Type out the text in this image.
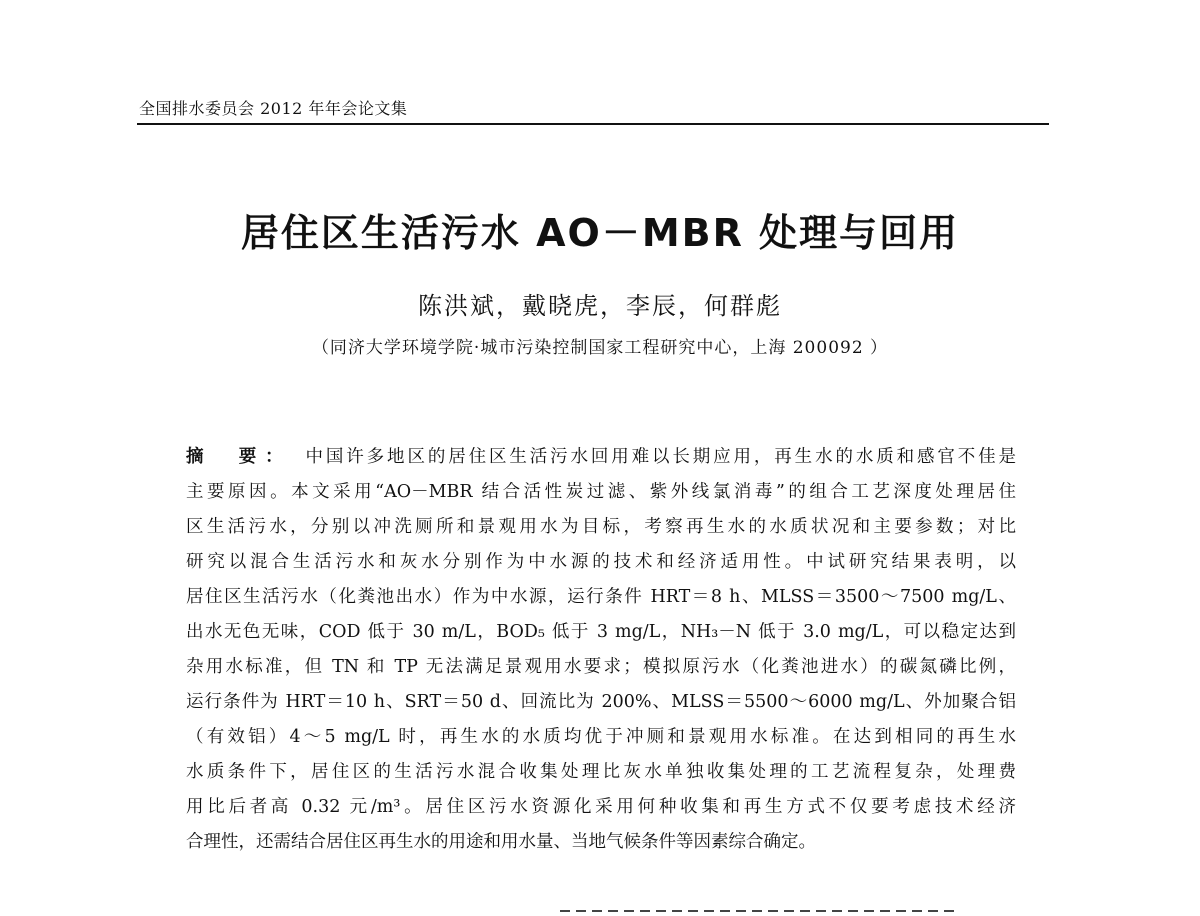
全国排水委员会 2012 年年会论文集
居住区生活污水 AO－MBR 处理与回用
陈洪斌，戴晓虎，李辰，何群彪
（同济大学环境学院·城市污染控制国家工程研究中心，上海 200092 ）
摘　要： 中国许多地区的居住区生活污水回用难以长期应用，再生水的水质和感官不佳是
主要原因。本文采用“AO－MBR 结合活性炭过滤、紫外线氯消毒”的组合工艺深度处理居住
区生活污水，分别以冲洗厕所和景观用水为目标，考察再生水的水质状况和主要参数；对比
研究以混合生活污水和灰水分别作为中水源的技术和经济适用性。中试研究结果表明，以
居住区生活污水（化粪池出水）作为中水源，运行条件 HRT＝8 h、MLSS＝3500～7500 mg/L、
出水无色无味，COD 低于 30 m/L，BOD₅ 低于 3 mg/L，NH₃－N 低于 3.0 mg/L，可以稳定达到
杂用水标准，但 TN 和 TP 无法满足景观用水要求；模拟原污水（化粪池进水）的碳氮磷比例，
运行条件为 HRT＝10 h、SRT＝50 d、回流比为 200%、MLSS＝5500～6000 mg/L、外加聚合铝
（有效铝）4～5 mg/L 时，再生水的水质均优于冲厕和景观用水标准。在达到相同的再生水
水质条件下，居住区的生活污水混合收集处理比灰水单独收集处理的工艺流程复杂，处理费
用比后者高 0.32 元/m³。居住区污水资源化采用何种收集和再生方式不仅要考虑技术经济
合理性，还需结合居住区再生水的用途和用水量、当地气候条件等因素综合确定。
